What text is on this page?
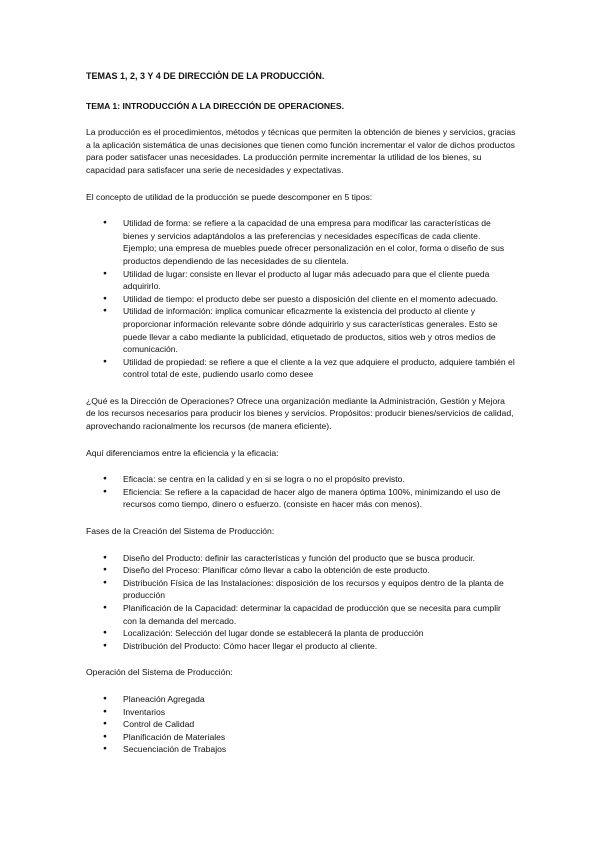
TEMAS 1, 2, 3 Y 4 DE DIRECCIÓN DE LA PRODUCCIÓN.
TEMA 1: INTRODUCCIÓN A LA DIRECCIÓN DE OPERACIONES.

La producción es el procedimientos, métodos y técnicas que permiten la obtención de bienes y servicios, gracias a la aplicación sistemática de unas decisiones que tienen como función incrementar el valor de dichos productos para poder satisfacer unas necesidades. La producción permite incrementar la utilidad de los bienes, su capacidad para satisfacer una serie de necesidades y expectativas.

El concepto de utilidad de la producción se puede descomponer en 5 tipos:

● Utilidad de forma: se refiere a la capacidad de una empresa para modificar las características de bienes y servicios adaptándolos a las preferencias y necesidades específicas de cada cliente. Ejemplo; una empresa de muebles puede ofrecer personalización en el color, forma o diseño de sus productos dependiendo de las necesidades de su clientela.
● Utilidad de lugar: consiste en llevar el producto al lugar más adecuado para que el cliente pueda adquirirlo.
● Utilidad de tiempo: el producto debe ser puesto a disposición del cliente en el momento adecuado.
● Utilidad de información: implica comunicar eficazmente la existencia del producto al cliente y proporcionar información relevante sobre dónde adquirirlo y sus características generales. Esto se puede llevar a cabo mediante la publicidad, etiquetado de productos, sitios web y otros medios de comunicación.
● Utilidad de propiedad: se refiere a que el cliente a la vez que adquiere el producto, adquiere también el control total de este, pudiendo usarlo como desee

¿Qué es la Dirección de Operaciones? Ofrece una organización mediante la Administración, Gestión y Mejora de los recursos necesarios para producir los bienes y servicios. Propósitos: producir bienes/servicios de calidad, aprovechando racionalmente los recursos (de manera eficiente).

Aquí diferenciamos entre la eficiencia y la eficacia:

● Eficacia: se centra en la calidad y en si se logra o no el propósito previsto.
● Eficiencia: Se refiere a la capacidad de hacer algo de manera óptima 100%, minimizando el uso de recursos como tiempo, dinero o esfuerzo. (consiste en hacer más con menos).

Fases de la Creación del Sistema de Producción:

● Diseño del Producto: definir las características y función del producto que se busca producir.
● Diseño del Proceso: Planificar cómo llevar a cabo la obtención de este producto.
● Distribución Física de las Instalaciones: disposición de los recursos y equipos dentro de la planta de producción
● Planificación de la Capacidad: determinar la capacidad de producción que se necesita para cumplir con la demanda del mercado.
● Localización: Selección del lugar donde se establecerá la planta de producción
● Distribución del Producto: Cómo hacer llegar el producto al cliente.

Operación del Sistema de Producción:

● Planeación Agregada
● Inventarios
● Control de Calidad
● Planificación de Materiales
● Secuenciación de Trabajos
